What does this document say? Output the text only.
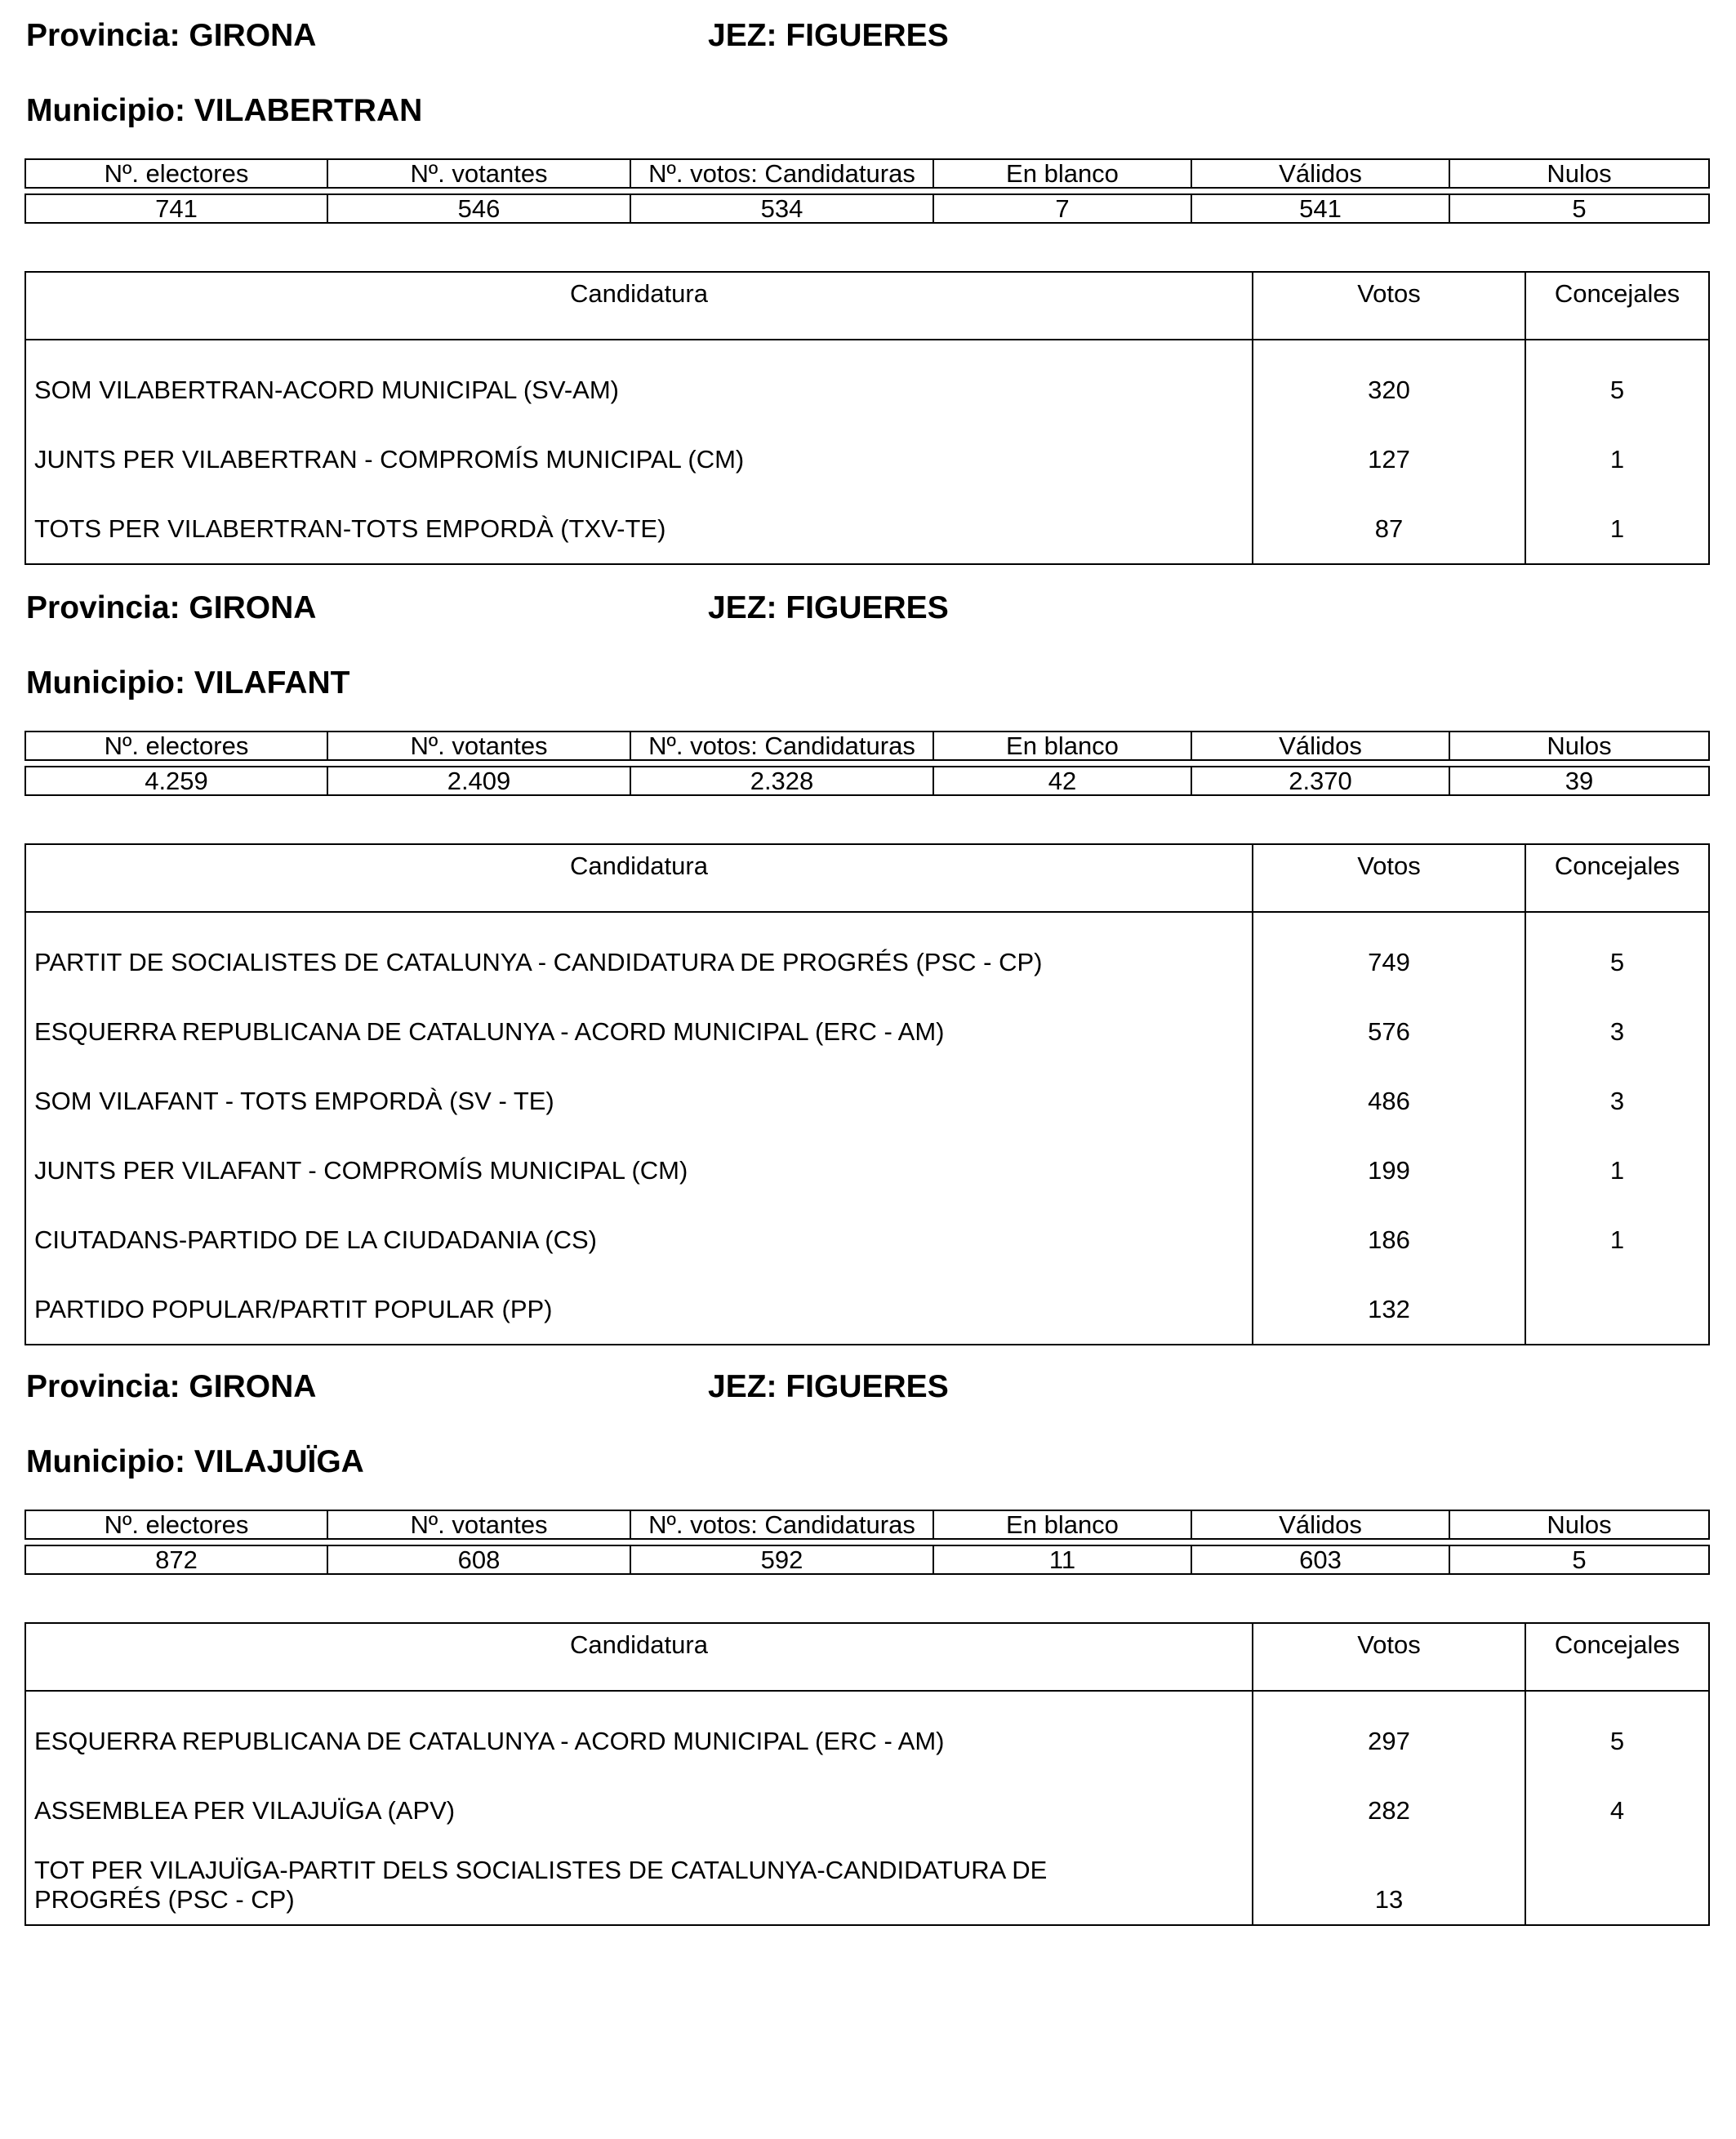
Provincia: GIRONA	JEZ: FIGUERES
Municipio: VILABERTRAN
Nº. electores	Nº. votantes	Nº. votos: Candidaturas	En blanco	Válidos	Nulos

741	546	534	7	541	5
Candidatura	Votos	Concejales
SOM VILABERTRAN-ACORD MUNICIPAL (SV-AM)	320	5
JUNTS PER VILABERTRAN - COMPROMÍS MUNICIPAL (CM)	127	1
TOTS PER VILABERTRAN-TOTS EMPORDÀ (TXV-TE)	87	1
Provincia: GIRONA	JEZ: FIGUERES
Municipio: VILAFANT
Nº. electores	Nº. votantes	Nº. votos: Candidaturas	En blanco	Válidos	Nulos

4.259	2.409	2.328	42	2.370	39
Candidatura	Votos	Concejales
PARTIT DE SOCIALISTES DE CATALUNYA - CANDIDATURA DE PROGRÉS (PSC - CP)	749	5
ESQUERRA REPUBLICANA DE CATALUNYA - ACORD MUNICIPAL (ERC - AM)	576	3
SOM VILAFANT - TOTS EMPORDÀ (SV - TE)	486	3
JUNTS PER VILAFANT - COMPROMÍS MUNICIPAL (CM)	199	1
CIUTADANS-PARTIDO DE LA CIUDADANIA (CS)	186	1
PARTIDO POPULAR/PARTIT POPULAR (PP)	132	
Provincia: GIRONA	JEZ: FIGUERES
Municipio: VILAJUÏGA
Nº. electores	Nº. votantes	Nº. votos: Candidaturas	En blanco	Válidos	Nulos

872	608	592	11	603	5
Candidatura	Votos	Concejales
ESQUERRA REPUBLICANA DE CATALUNYA - ACORD MUNICIPAL (ERC - AM)	297	5
ASSEMBLEA PER VILAJUÏGA (APV)	282	4
TOT PER VILAJUÏGA-PARTIT DELS SOCIALISTES DE CATALUNYA-CANDIDATURA DE PROGRÉS (PSC - CP)	13	
